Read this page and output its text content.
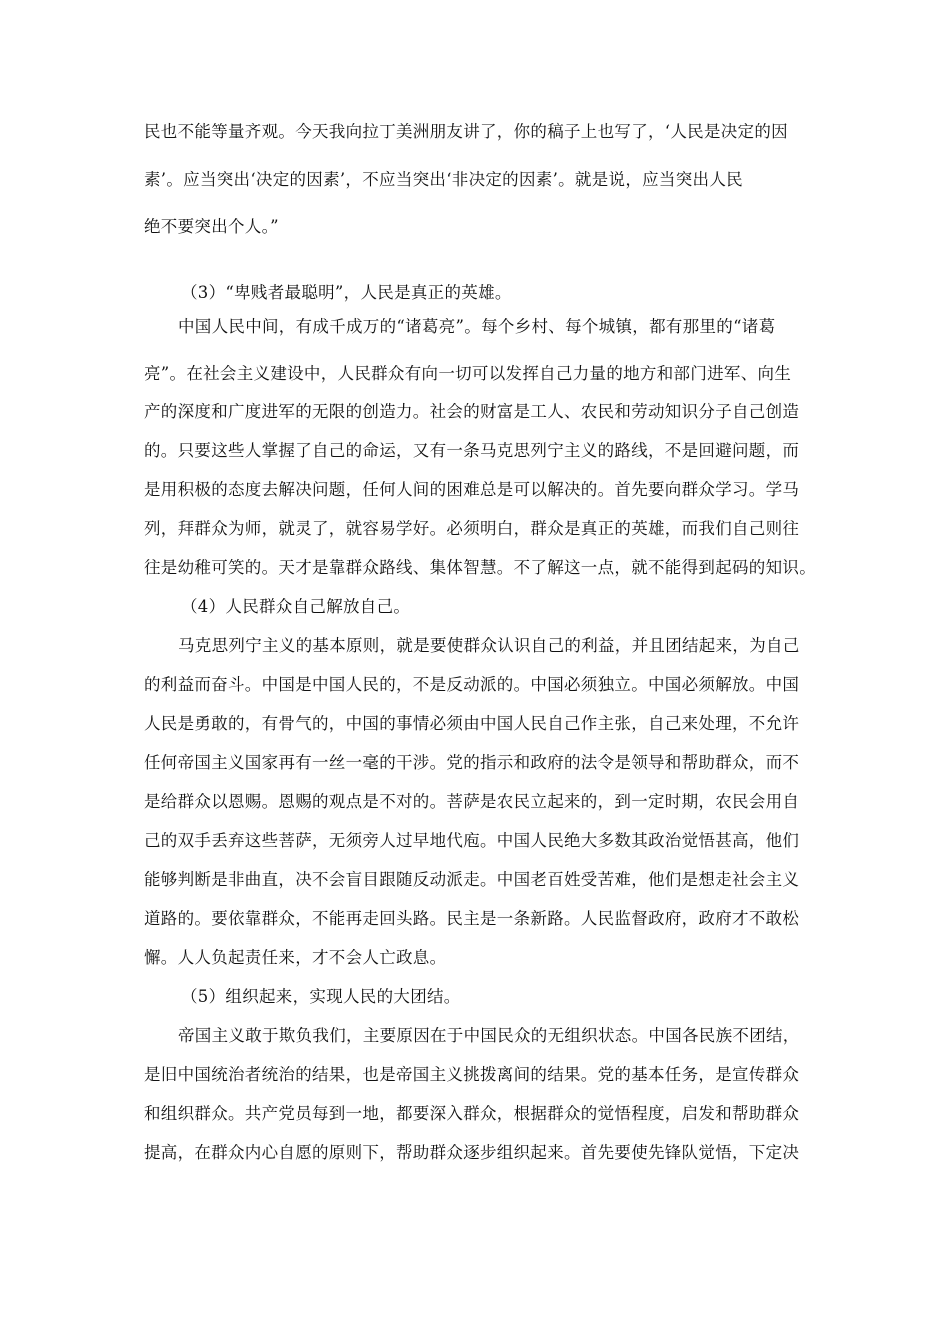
民也不能等量齐观。今天我向拉丁美洲朋友讲了，你的稿子上也写了，‘人民是决定的因
素’。应当突出‘决定的因素’，不应当突出‘非决定的因素’。就是说，应当突出人民
绝不要突出个人。”
（3）“卑贱者最聪明”，人民是真正的英雄。
中国人民中间，有成千成万的“诸葛亮”。每个乡村、每个城镇，都有那里的“诸葛
亮”。在社会主义建设中，人民群众有向一切可以发挥自己力量的地方和部门进军、向生
产的深度和广度进军的无限的创造力。社会的财富是工人、农民和劳动知识分子自己创造
的。只要这些人掌握了自己的命运，又有一条马克思列宁主义的路线，不是回避问题，而
是用积极的态度去解决问题，任何人间的困难总是可以解决的。首先要向群众学习。学马
列，拜群众为师，就灵了，就容易学好。必须明白，群众是真正的英雄，而我们自己则往
往是幼稚可笑的。天才是靠群众路线、集体智慧。不了解这一点，就不能得到起码的知识。
（4）人民群众自己解放自己。
马克思列宁主义的基本原则，就是要使群众认识自己的利益，并且团结起来，为自己
的利益而奋斗。中国是中国人民的，不是反动派的。中国必须独立。中国必须解放。中国
人民是勇敢的，有骨气的，中国的事情必须由中国人民自己作主张，自己来处理，不允许
任何帝国主义国家再有一丝一毫的干涉。党的指示和政府的法令是领导和帮助群众，而不
是给群众以恩赐。恩赐的观点是不对的。菩萨是农民立起来的，到一定时期，农民会用自
己的双手丢弃这些菩萨，无须旁人过早地代庖。中国人民绝大多数其政治觉悟甚高，他们
能够判断是非曲直，决不会盲目跟随反动派走。中国老百姓受苦难，他们是想走社会主义
道路的。要依靠群众，不能再走回头路。民主是一条新路。人民监督政府，政府才不敢松
懈。人人负起责任来，才不会人亡政息。
（5）组织起来，实现人民的大团结。
帝国主义敢于欺负我们，主要原因在于中国民众的无组织状态。中国各民族不团结，
是旧中国统治者统治的结果，也是帝国主义挑拨离间的结果。党的基本任务，是宣传群众
和组织群众。共产党员每到一地，都要深入群众，根据群众的觉悟程度，启发和帮助群众
提高，在群众内心自愿的原则下，帮助群众逐步组织起来。首先要使先锋队觉悟，下定决
